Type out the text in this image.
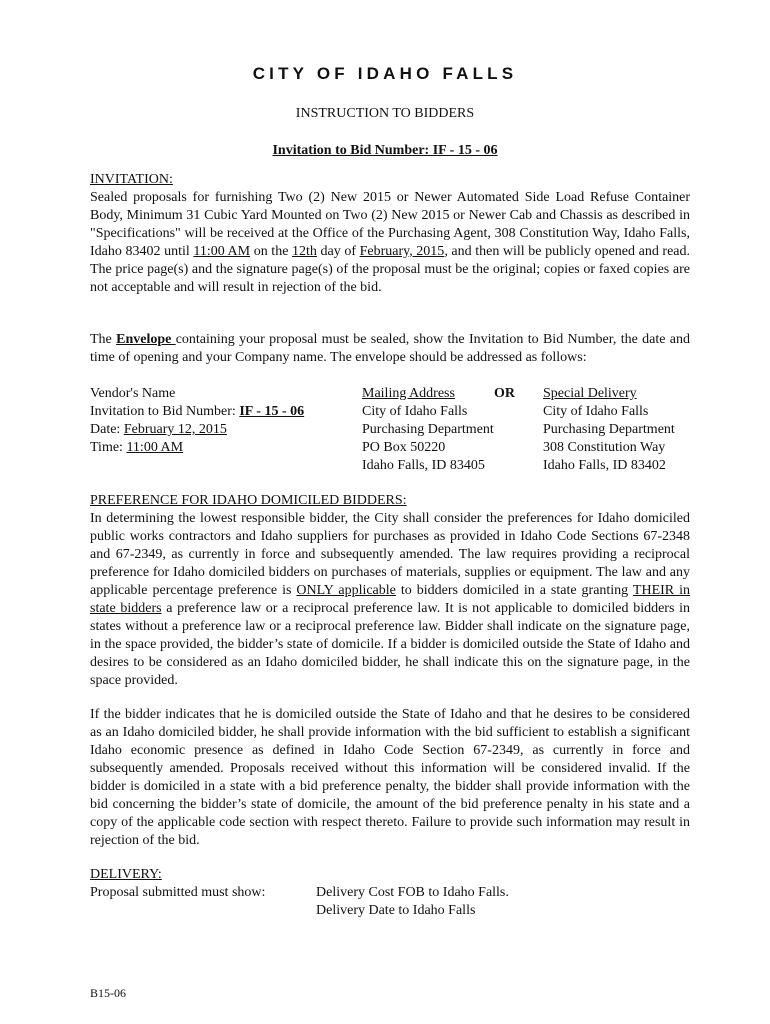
CITY OF IDAHO FALLS
INSTRUCTION TO BIDDERS
Invitation to Bid Number: IF - 15 - 06
INVITATION:
Sealed proposals for furnishing Two (2) New 2015 or Newer Automated Side Load Refuse Container Body, Minimum 31 Cubic Yard Mounted on Two (2) New 2015 or Newer Cab and Chassis as described in "Specifications" will be received at the Office of the Purchasing Agent, 308 Constitution Way, Idaho Falls, Idaho 83402 until 11:00 AM on the 12th day of February, 2015, and then will be publicly opened and read. The price page(s) and the signature page(s) of the proposal must be the original; copies or faxed copies are not acceptable and will result in rejection of the bid.
The Envelope containing your proposal must be sealed, show the Invitation to Bid Number, the date and time of opening and your Company name. The envelope should be addressed as follows:
Vendor's Name
Invitation to Bid Number: IF - 15 - 06
Date: February 12, 2015
Time: 11:00 AM
Mailing Address
City of Idaho Falls
Purchasing Department
PO Box 50220
Idaho Falls, ID 83405
OR Special Delivery
City of Idaho Falls
Purchasing Department
308 Constitution Way
Idaho Falls, ID 83402
PREFERENCE FOR IDAHO DOMICILED BIDDERS:
In determining the lowest responsible bidder, the City shall consider the preferences for Idaho domiciled public works contractors and Idaho suppliers for purchases as provided in Idaho Code Sections 67-2348 and 67-2349, as currently in force and subsequently amended. The law requires providing a reciprocal preference for Idaho domiciled bidders on purchases of materials, supplies or equipment. The law and any applicable percentage preference is ONLY applicable to bidders domiciled in a state granting THEIR in state bidders a preference law or a reciprocal preference law. It is not applicable to domiciled bidders in states without a preference law or a reciprocal preference law. Bidder shall indicate on the signature page, in the space provided, the bidder’s state of domicile. If a bidder is domiciled outside the State of Idaho and desires to be considered as an Idaho domiciled bidder, he shall indicate this on the signature page, in the space provided.
If the bidder indicates that he is domiciled outside the State of Idaho and that he desires to be considered as an Idaho domiciled bidder, he shall provide information with the bid sufficient to establish a significant Idaho economic presence as defined in Idaho Code Section 67-2349, as currently in force and subsequently amended. Proposals received without this information will be considered invalid. If the bidder is domiciled in a state with a bid preference penalty, the bidder shall provide information with the bid concerning the bidder’s state of domicile, the amount of the bid preference penalty in his state and a copy of the applicable code section with respect thereto. Failure to provide such information may result in rejection of the bid.
DELIVERY:
Proposal submitted must show:	Delivery Cost FOB to Idaho Falls.
Delivery Date to Idaho Falls
B15-06
